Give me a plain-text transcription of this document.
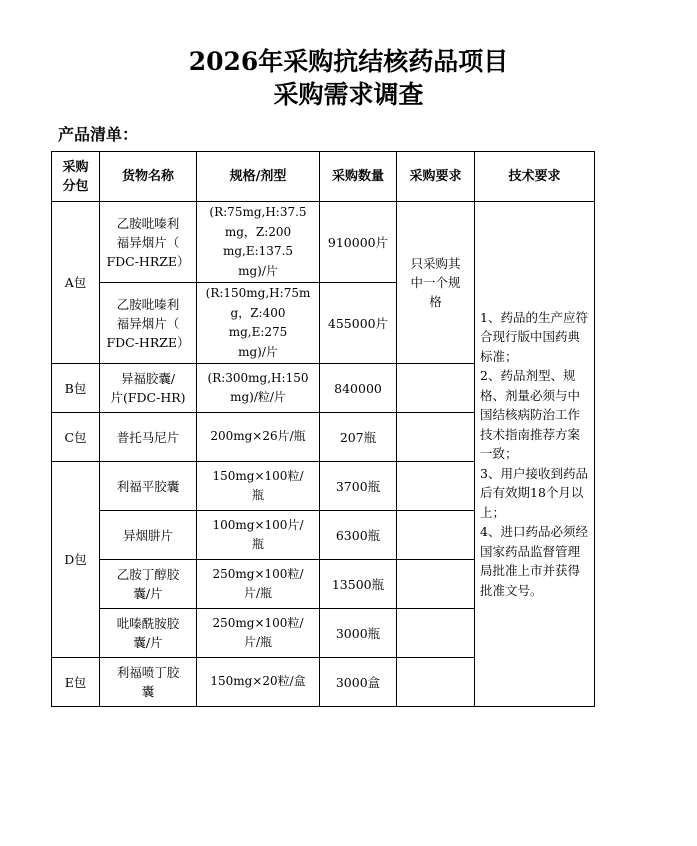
2026年采购抗结核药品项目
采购需求调查
产品清单：
采购
分包	货物名称	规格/剂型	采购数量	采购要求	技术要求

A包	乙胺吡嗪利
福异烟片（
FDC-HRZE）	(R:75mg,H:37.5
mg，Z:200
mg,E:137.5
mg)/片	910000片	只采购其
中一个规
格	1、药品的生产应符合现行版中国药典标准；
2、药品剂型、规格、剂量必须与中国结核病防治工作技术指南推荐方案一致；
3、用户接收到药品后有效期18个月以上；
4、进口药品必须经国家药品监督管理局批准上市并获得批准文号。

	乙胺吡嗪利
福异烟片（
FDC-HRZE）	(R:150mg,H:75m
g，Z:400
mg,E:275
mg)/片	455000片		

B包	异福胶囊/
片(FDC-HR)	(R:300mg,H:150
mg)/粒/片	840000		

C包	普托马尼片	200mg×26片/瓶	207瓶		

D包	利福平胶囊	150mg×100粒/
瓶	3700瓶		

	异烟肼片	100mg×100片/
瓶	6300瓶		

	乙胺丁醇胶
囊/片	250mg×100粒/
片/瓶	13500瓶		

	吡嗪酰胺胶
囊/片	250mg×100粒/
片/瓶	3000瓶		

E包	利福喷丁胶
囊	150mg×20粒/盒	3000盒		
